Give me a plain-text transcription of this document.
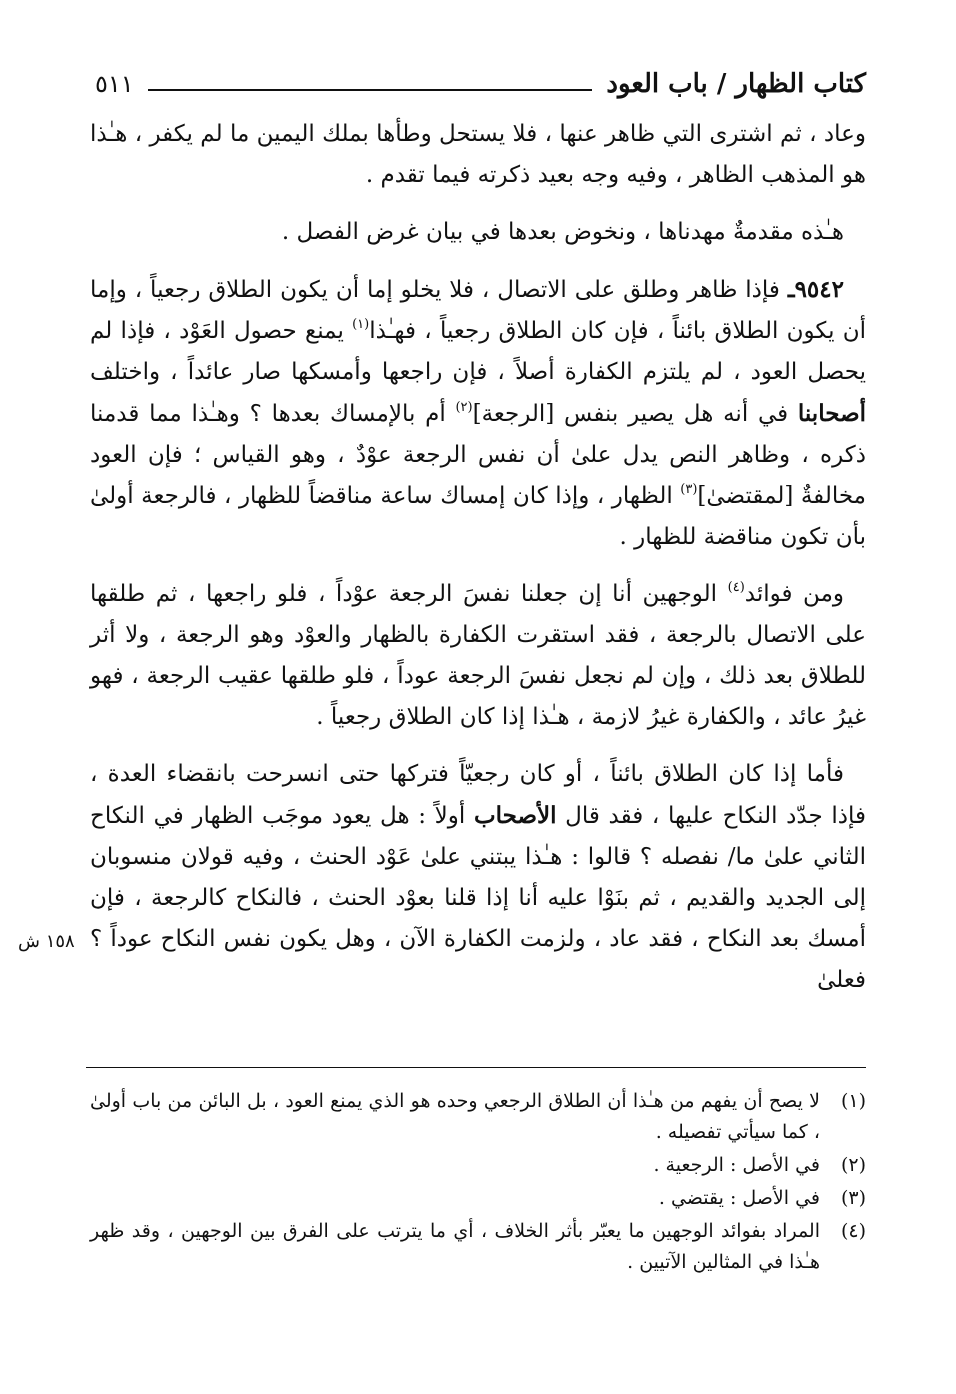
كتاب الظهار / باب العود
٥١١

وعاد ، ثم اشترى التي ظاهر عنها ، فلا يستحل وطأها بملك اليمين ما لم يكفر ، هـٰذا هو المذهب الظاهر ، وفيه وجه بعيد ذكرته فيما تقدم .

هـٰذه مقدمةٌ مهدناها ، ونخوض بعدها في بيان غرض الفصل .

٩٥٤٢ـ فإذا ظاهر وطلق على الاتصال ، فلا يخلو إما أن يكون الطلاق رجعياً ، وإما أن يكون الطلاق بائناً ، فإن كان الطلاق رجعياً ، فهـٰذا$^{(١)}$ يمنع حصول العَوْد ، فإذا لم يحصل العود ، لم يلتزم الكفارة أصلاً ، فإن راجعها وأمسكها صار عائداً ، واختلف أصحابنا في أنه هل يصير بنفس [الرجعة]$^{(٢)}$ أم بالإمساك بعدها ؟ وهـٰذا مما قدمنا ذكره ، وظاهر النص يدل علىٰ أن نفس الرجعة عوْدٌ ، وهو القياس ؛ فإن العود مخالفةٌ [لمقتضىٰ]$^{(٣)}$ الظهار ، وإذا كان إمساك ساعة مناقضاً للظهار ، فالرجعة أولىٰ بأن تكون مناقضة للظهار .

ومن فوائد$^{(٤)}$ الوجهين أنا إن جعلنا نفسَ الرجعة عوْداً ، فلو راجعها ، ثم طلقها على الاتصال بالرجعة ، فقد استقرت الكفارة بالظهار والعوْد وهو الرجعة ، ولا أثر للطلاق بعد ذلك ، وإن لم نجعل نفسَ الرجعة عوداً ، فلو طلقها عقيب الرجعة ، فهو غيرُ عائد ، والكفارة غيرُ لازمة ، هـٰذا إذا كان الطلاق رجعياً .

فأما إذا كان الطلاق بائناً ، أو كان رجعيّاً فتركها حتى انسرحت بانقضاء العدة ، فإذا جدّد النكاح عليها ، فقد قال الأصحاب أولاً : هل يعود موجَب الظهار في النكاح الثاني علىٰ ما/ نفصله ؟ قالوا : هـٰذا يبتني علىٰ عَوْد الحنث ، وفيه قولان منسوبان إلى الجديد والقديم ، ثم بنَوْا عليه أنا إذا قلنا بعوْد الحنث ، فالنكاح كالرجعة ، فإن أمسك بعد النكاح ، فقد عاد ، ولزمت الكفارة الآن ، وهل يكون نفس النكاح عوداً ؟ فعلىٰ

١٥٨ ش
(١)
لا يصح أن يفهم من هـٰذا أن الطلاق الرجعي وحده هو الذي يمنع العود ، بل البائن من باب أولىٰ ، كما سيأتي تفصيله .
(٢)
في الأصل : الرجعية .
(٣)
في الأصل : يقتضي .
(٤)
المراد بفوائد الوجهين ما يعبّر بأثر الخلاف ، أي ما يترتب على الفرق بين الوجهين ، وقد ظهر هـٰذا في المثالين الآتيين .
